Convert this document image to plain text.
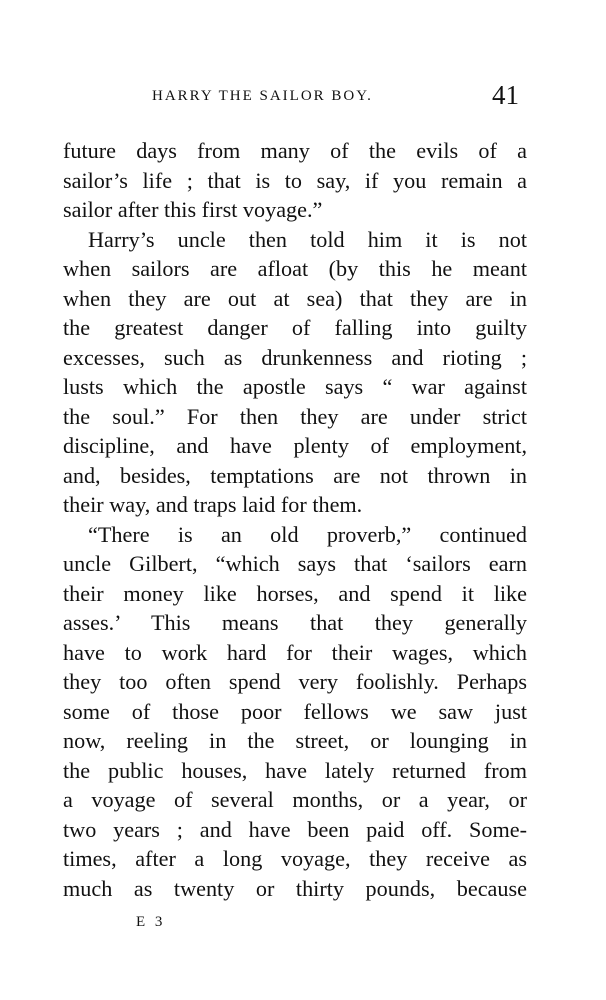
HARRY THE SAILOR BOY.	41
future days from many of the evils of a
sailor’s life ; that is to say, if you remain a
sailor after this first voyage.”
Harry’s uncle then told him it is not
when sailors are afloat (by this he meant
when they are out at sea) that they are in
the greatest danger of falling into guilty
excesses, such as drunkenness and rioting ;
lusts which the apostle says “ war against
the soul.” For then they are under strict
discipline, and have plenty of employment,
and, besides, temptations are not thrown in
their way, and traps laid for them.
“There is an old proverb,” continued
uncle Gilbert, “which says that ‘sailors earn
their money like horses, and spend it like
asses.’ This means that they generally
have to work hard for their wages, which
they too often spend very foolishly. Perhaps
some of those poor fellows we saw just
now, reeling in the street, or lounging in
the public houses, have lately returned from
a voyage of several months, or a year, or
two years ; and have been paid off. Some-
times, after a long voyage, they receive as
much as twenty or thirty pounds, because
E 3
